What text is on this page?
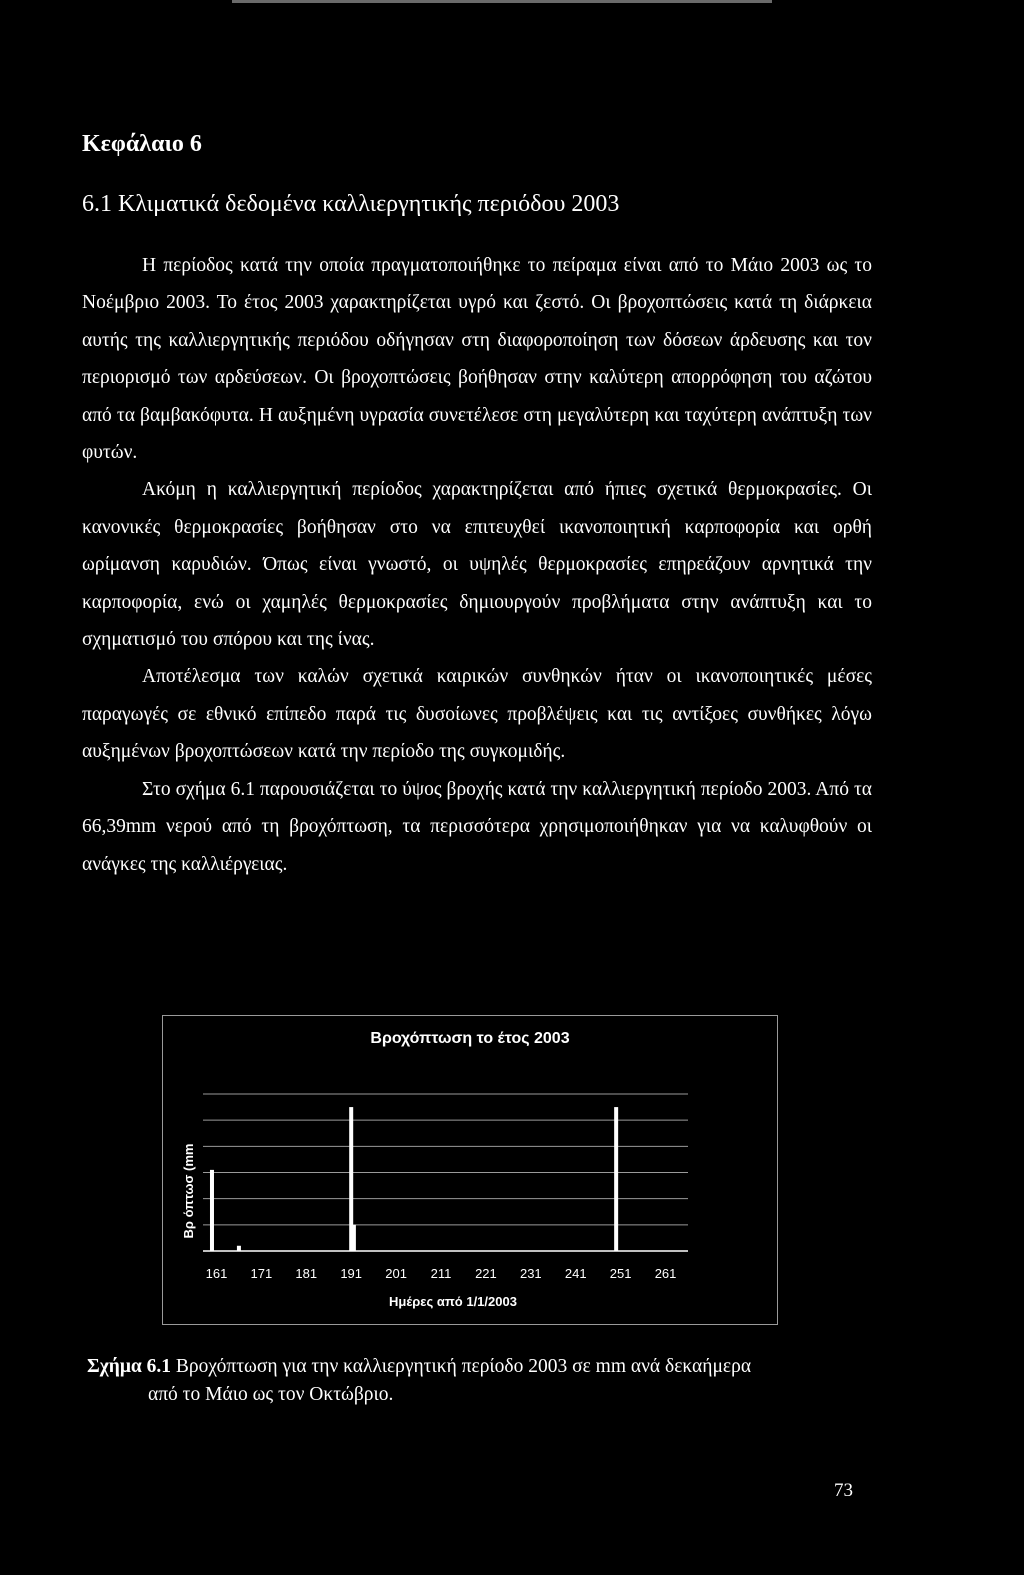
Κεφάλαιο 6
6.1 Κλιματικά δεδομένα καλλιεργητικής περιόδου 2003

Η περίοδος κατά την οποία πραγματοποιήθηκε το πείραμα είναι από το Μάιο 2003 ως το Νοέμβριο 2003. Το έτος 2003 χαρακτηρίζεται υγρό και ζεστό. Οι βροχοπτώσεις κατά τη διάρκεια αυτής της καλλιεργητικής περιόδου οδήγησαν στη διαφοροποίηση των δόσεων άρδευσης και τον περιορισμό των αρδεύσεων. Οι βροχοπτώσεις βοήθησαν στην καλύτερη απορρόφηση του αζώτου από τα βαμβακόφυτα. Η αυξημένη υγρασία συνετέλεσε στη μεγαλύτερη και ταχύτερη ανάπτυξη των φυτών.

Ακόμη η καλλιεργητική περίοδος χαρακτηρίζεται από ήπιες σχετικά θερμοκρασίες. Οι κανονικές θερμοκρασίες βοήθησαν στο να επιτευχθεί ικανοποιητική καρποφορία και ορθή ωρίμανση καρυδιών. Όπως είναι γνωστό, οι υψηλές θερμοκρασίες επηρεάζουν αρνητικά την καρποφορία, ενώ οι χαμηλές θερμοκρασίες δημιουργούν προβλήματα στην ανάπτυξη και το σχηματισμό του σπόρου και της ίνας.

Αποτέλεσμα των καλών σχετικά καιρικών συνθηκών ήταν οι ικανοποιητικές μέσες παραγωγές σε εθνικό επίπεδο παρά τις δυσοίωνες προβλέψεις και τις αντίξοες συνθήκες λόγω αυξημένων βροχοπτώσεων κατά την περίοδο της συγκομιδής.

Στο σχήμα 6.1 παρουσιάζεται το ύψος βροχής κατά την καλλιεργητική περίοδο 2003. Από τα 66,39mm νερού από τη βροχόπτωση, τα περισσότερα χρησιμοποιήθηκαν για να καλυφθούν οι ανάγκες της καλλιέργειας.

Βροχόπτωση το έτος 2003
Βρ όπτωσ (mm
161 171 181 191 201 211 221 231 241 251 261
Ημέρες από 1/1/2003
Σχήμα 6.1 Βροχόπτωση για την καλλιεργητική περίοδο 2003 σε mm ανά δεκαήμερα
από το Μάιο ως τον Οκτώβριο.
73
